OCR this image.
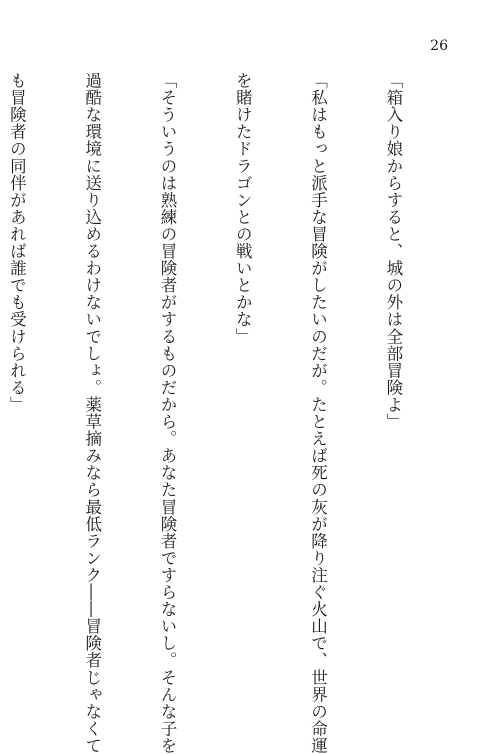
26

「箱入り娘からすると、城の外は全部冒険よ」

「私はもっと派手な冒険がしたいのだが。たとえば死の灰が降り注ぐ火山で、世界の命運

を賭けたドラゴンとの戦いとかな」

「そういうのは熟練の冒険者がするものだから。あなた冒険者ですらないし。そんな子を

過酷な環境に送り込めるわけないでしょ。薬草摘みなら最低ランク――冒険者じゃなくて

も冒険者の同伴があれば誰でも受けられる」
